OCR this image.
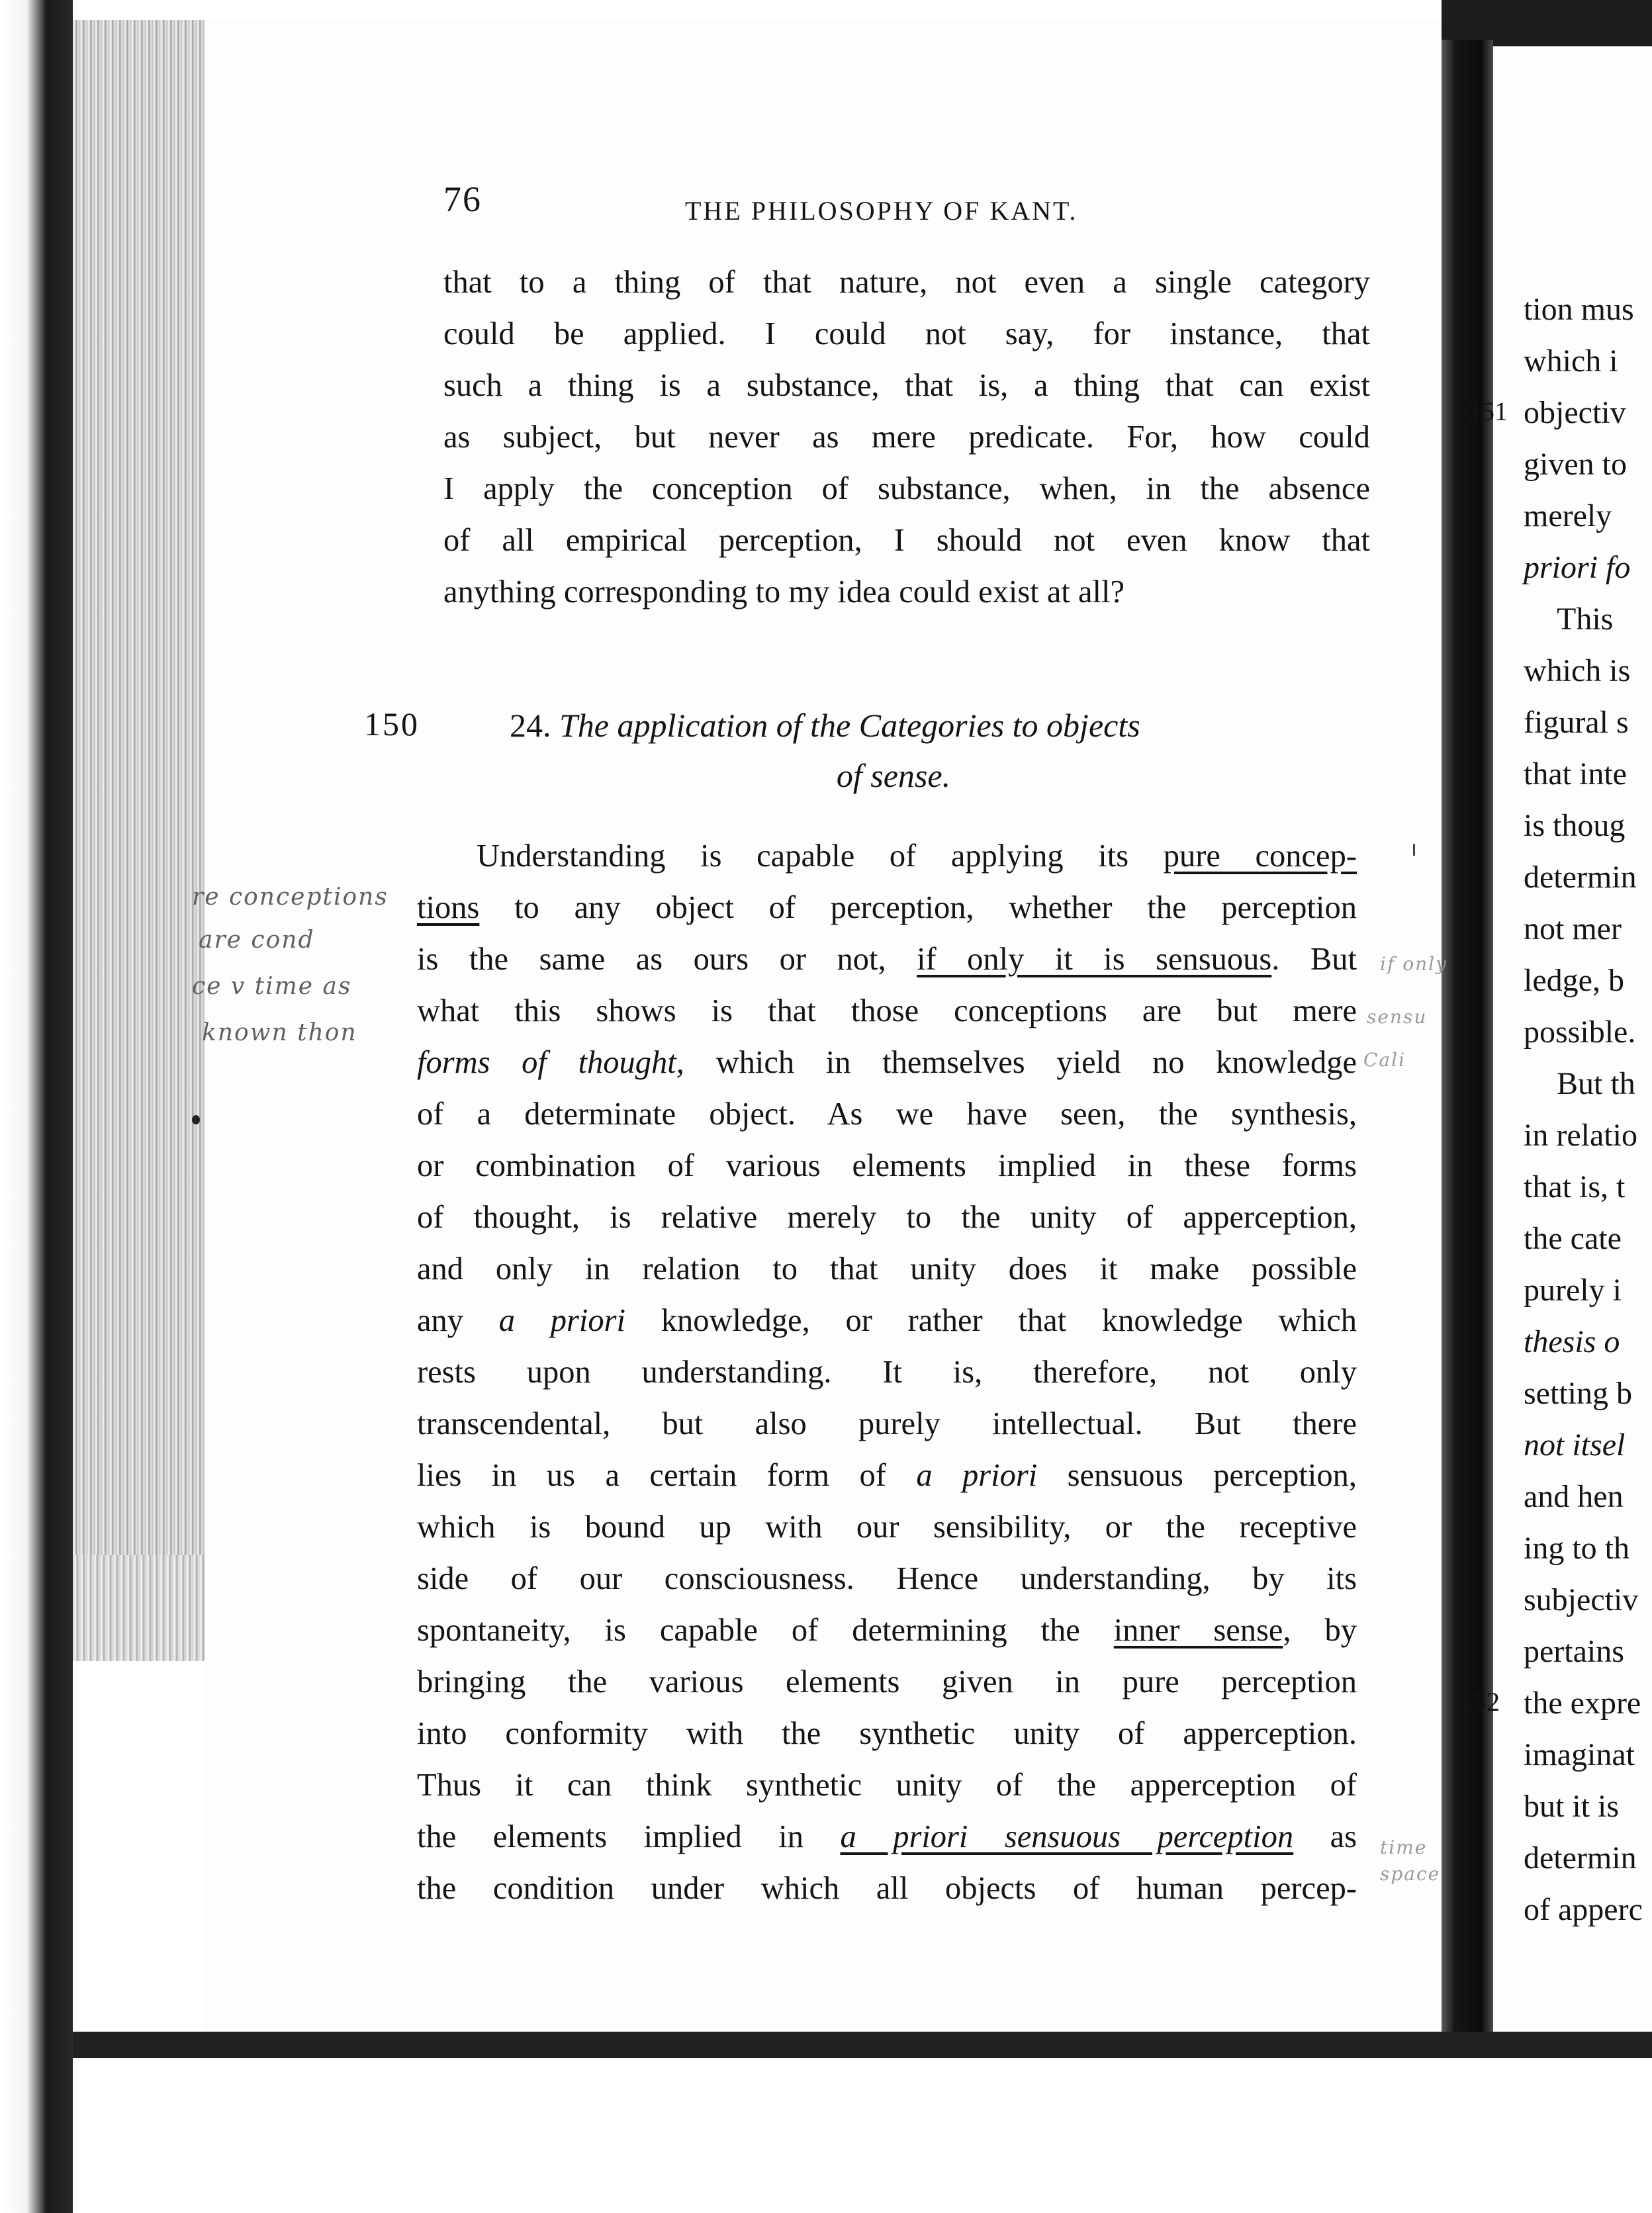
tion mus
which i
objectiv
given to
merely
priori fo
This
which is
figural s
that inte
is thoug
determin
not mer
ledge, b
possible.
But th
in relatio
that is, t
the cate
purely i
thesis o
setting b
not itsel
and hen
ing to th
subjectiv
pertains
the expre
imaginat
but it is
determin
of apperc
151
152
76	THE PHILOSOPHY OF KANT.
that to a thing of that nature, not even a single category
could be applied. I could not say, for instance, that
such a thing is a substance, that is, a thing that can exist
as subject, but never as mere predicate. For, how could
I apply the conception of substance, when, in the absence
of all empirical perception, I should not even know that
anything corresponding to my idea could exist at all?
150	24. The application of the Categories to objects
of sense.
Understanding is capable of applying its pure concep-
tions to any object of perception, whether the perception
is the same as ours or not, if only it is sensuous. But
what this shows is that those conceptions are but mere
forms of thought, which in themselves yield no knowledge
of a determinate object. As we have seen, the synthesis,
or combination of various elements implied in these forms
of thought, is relative merely to the unity of apperception,
and only in relation to that unity does it make possible
any a priori knowledge, or rather that knowledge which
rests upon understanding. It is, therefore, not only
transcendental, but also purely intellectual. But there
lies in us a certain form of a priori sensuous perception,
which is bound up with our sensibility, or the receptive
side of our consciousness. Hence understanding, by its
spontaneity, is capable of determining the inner sense, by
bringing the various elements given in pure perception
into conformity with the synthetic unity of apperception.
Thus it can think synthetic unity of the apperception of
the elements implied in a priori sensuous perception as
the condition under which all objects of human percep-
re conceptions
are cond
ce v time as
known thon
if only
sensu
Cali
time
space
